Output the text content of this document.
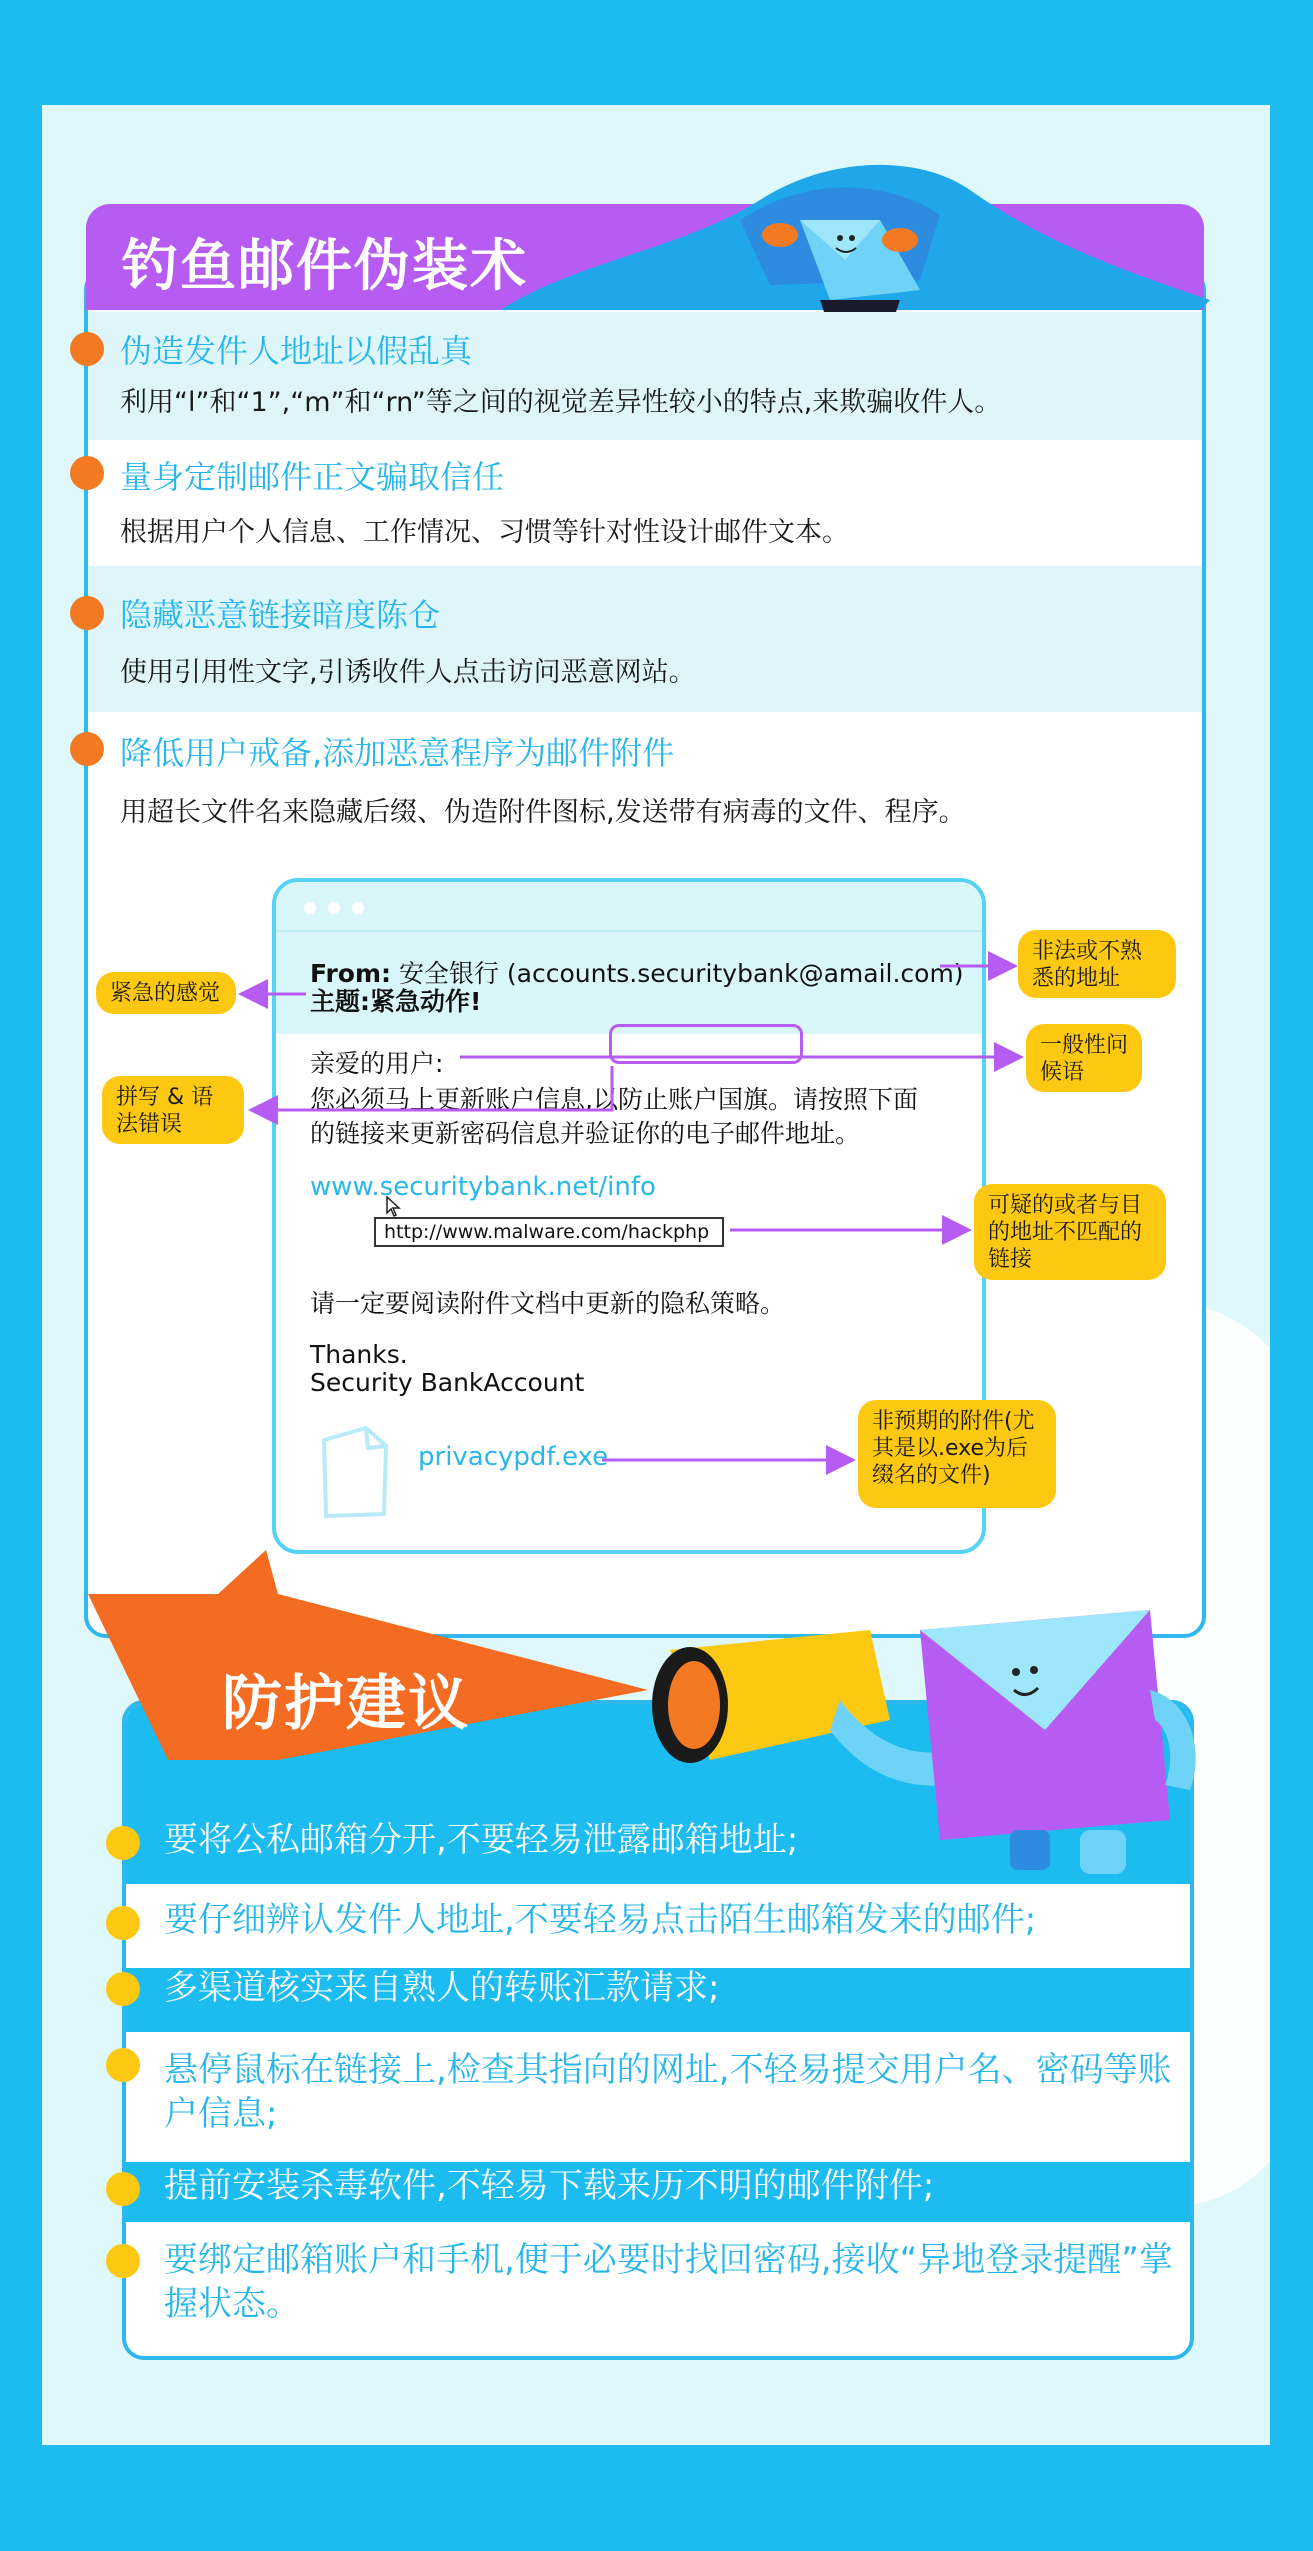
钓鱼邮件伪装术
伪造发件人地址以假乱真
利用“l”和“1”,“m”和“rn”等之间的视觉差异性较小的特点,来欺骗收件人。
量身定制邮件正文骗取信任
根据用户个人信息、工作情况、习惯等针对性设计邮件文本。
隐藏恶意链接暗度陈仓
使用引用性文字,引诱收件人点击访问恶意网站。
降低用户戒备,添加恶意程序为邮件附件
用超长文件名来隐藏后缀、伪造附件图标,发送带有病毒的文件、程序。
From: 安全银行 (accounts.securitybank@amail.com)
主题:紧急动作!
亲爱的用户:
您必须马上更新账户信息,以防止账户国旗。请按照下面
的链接来更新密码信息并验证你的电子邮件地址。
www.securitybank.net/info
http://www.malware.com/hackphp
请一定要阅读附件文档中更新的隐私策略。
Thanks.
Security BankAccount
privacypdf.exe
紧急的感觉
拼写 & 语法错误
非法或不熟悉的地址
一般性问候语
可疑的或者与目的地址不匹配的链接
非预期的附件(尤其是以.exe为后缀名的文件)
防护建议
要将公私邮箱分开,不要轻易泄露邮箱地址;
要仔细辨认发件人地址,不要轻易点击陌生邮箱发来的邮件;
多渠道核实来自熟人的转账汇款请求;
悬停鼠标在链接上,检查其指向的网址,不轻易提交用户名、密码等账户信息;
提前安装杀毒软件,不轻易下载来历不明的邮件附件;
要绑定邮箱账户和手机,便于必要时找回密码,接收“异地登录提醒”掌握状态。
